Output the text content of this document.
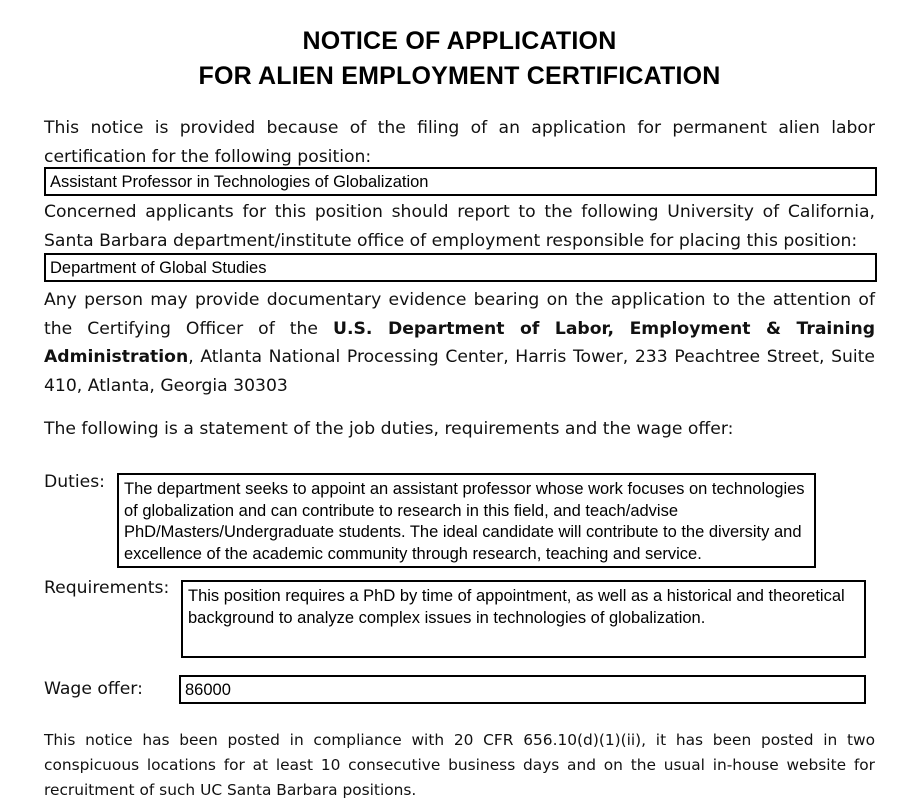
NOTICE OF APPLICATION
FOR ALIEN EMPLOYMENT CERTIFICATION
This notice is provided because of the filing of an application for permanent alien labor certification for the following position:
Assistant Professor in Technologies of Globalization
Concerned applicants for this position should report to the following University of California, Santa Barbara department/institute office of employment responsible for placing this position:
Department of Global Studies
Any person may provide documentary evidence bearing on the application to the attention of the Certifying Officer of the U.S. Department of Labor, Employment & Training Administration, Atlanta National Processing Center, Harris Tower, 233 Peachtree Street, Suite 410, Atlanta, Georgia 30303
The following is a statement of the job duties, requirements and the wage offer:
Duties:	The department seeks to appoint an assistant professor whose work focuses on technologies of globalization and can contribute to research in this field, and teach/advise PhD/Masters/Undergraduate students. The ideal candidate will contribute to the diversity and excellence of the academic community through research, teaching and service.
Requirements:	This position requires a PhD by time of appointment, as well as a historical and theoretical background to analyze complex issues in technologies of globalization.
Wage offer:	86000
This notice has been posted in compliance with 20 CFR 656.10(d)(1)(ii), it has been posted in two conspicuous locations for at least 10 consecutive business days and on the usual in-house website for recruitment of such UC Santa Barbara positions.
